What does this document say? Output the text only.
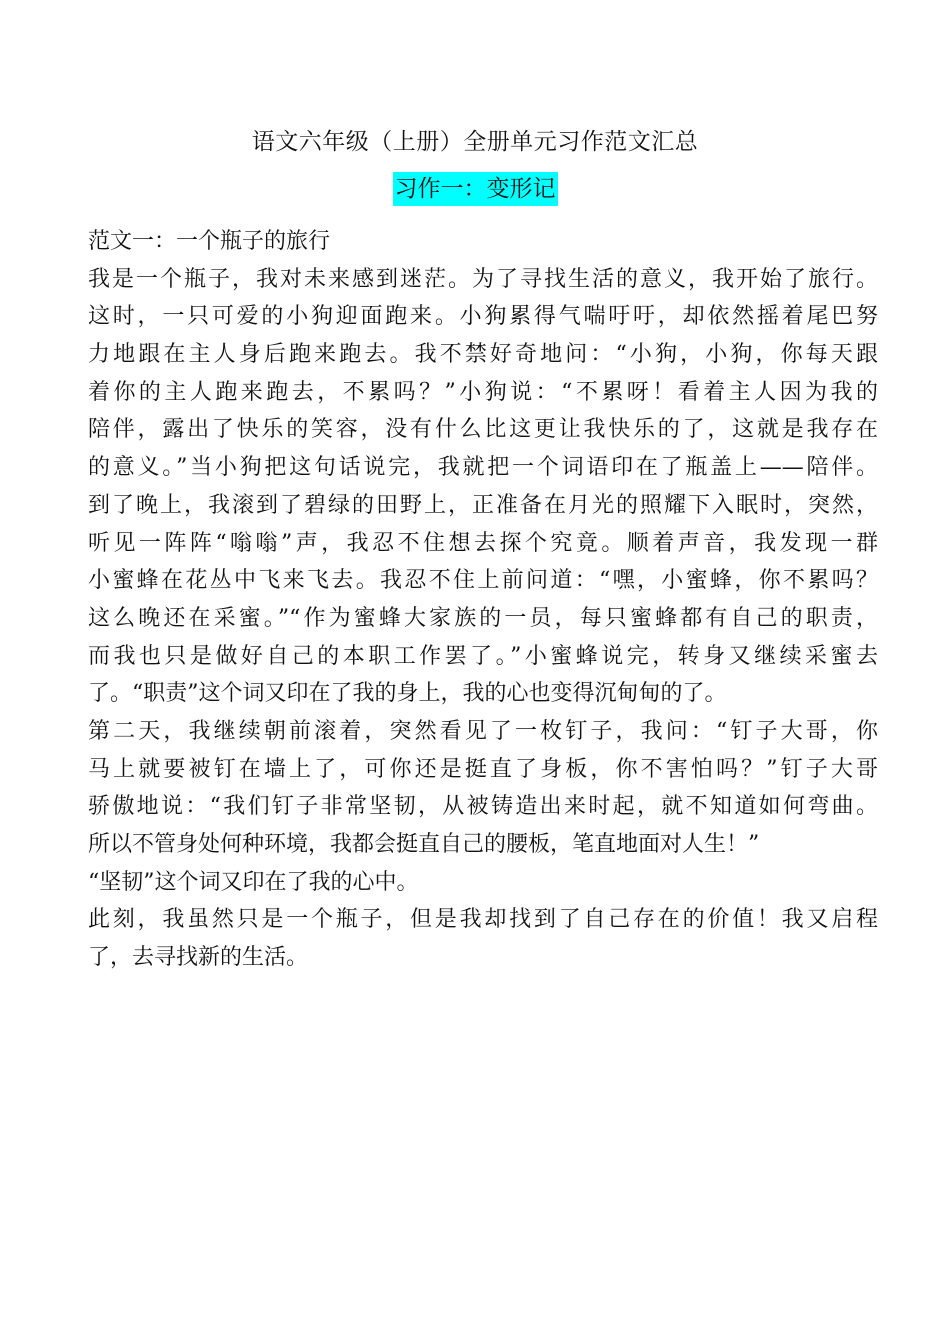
语文六年级（上册）全册单元习作范文汇总
习作一：变形记
范文一：一个瓶子的旅行
我是一个瓶子，我对未来感到迷茫。为了寻找生活的意义，我开始了旅行。
这时，一只可爱的小狗迎面跑来。小狗累得气喘吁吁，却依然摇着尾巴努
力地跟在主人身后跑来跑去。我不禁好奇地问：“小狗，小狗，你每天跟
着你的主人跑来跑去，不累吗？”小狗说：“不累呀！看着主人因为我的
陪伴，露出了快乐的笑容，没有什么比这更让我快乐的了，这就是我存在
的意义。”当小狗把这句话说完，我就把一个词语印在了瓶盖上——陪伴。
到了晚上，我滚到了碧绿的田野上，正准备在月光的照耀下入眠时，突然，
听见一阵阵“嗡嗡”声，我忍不住想去探个究竟。顺着声音，我发现一群
小蜜蜂在花丛中飞来飞去。我忍不住上前问道：“嘿，小蜜蜂，你不累吗？
这么晚还在采蜜。”“作为蜜蜂大家族的一员，每只蜜蜂都有自己的职责，
而我也只是做好自己的本职工作罢了。”小蜜蜂说完，转身又继续采蜜去
了。“职责”这个词又印在了我的身上，我的心也变得沉甸甸的了。
第二天，我继续朝前滚着，突然看见了一枚钉子，我问：“钉子大哥，你
马上就要被钉在墙上了，可你还是挺直了身板，你不害怕吗？”钉子大哥
骄傲地说：“我们钉子非常坚韧，从被铸造出来时起，就不知道如何弯曲。
所以不管身处何种环境，我都会挺直自己的腰板，笔直地面对人生！”
“坚韧”这个词又印在了我的心中。
此刻，我虽然只是一个瓶子，但是我却找到了自己存在的价值！我又启程
了，去寻找新的生活。
